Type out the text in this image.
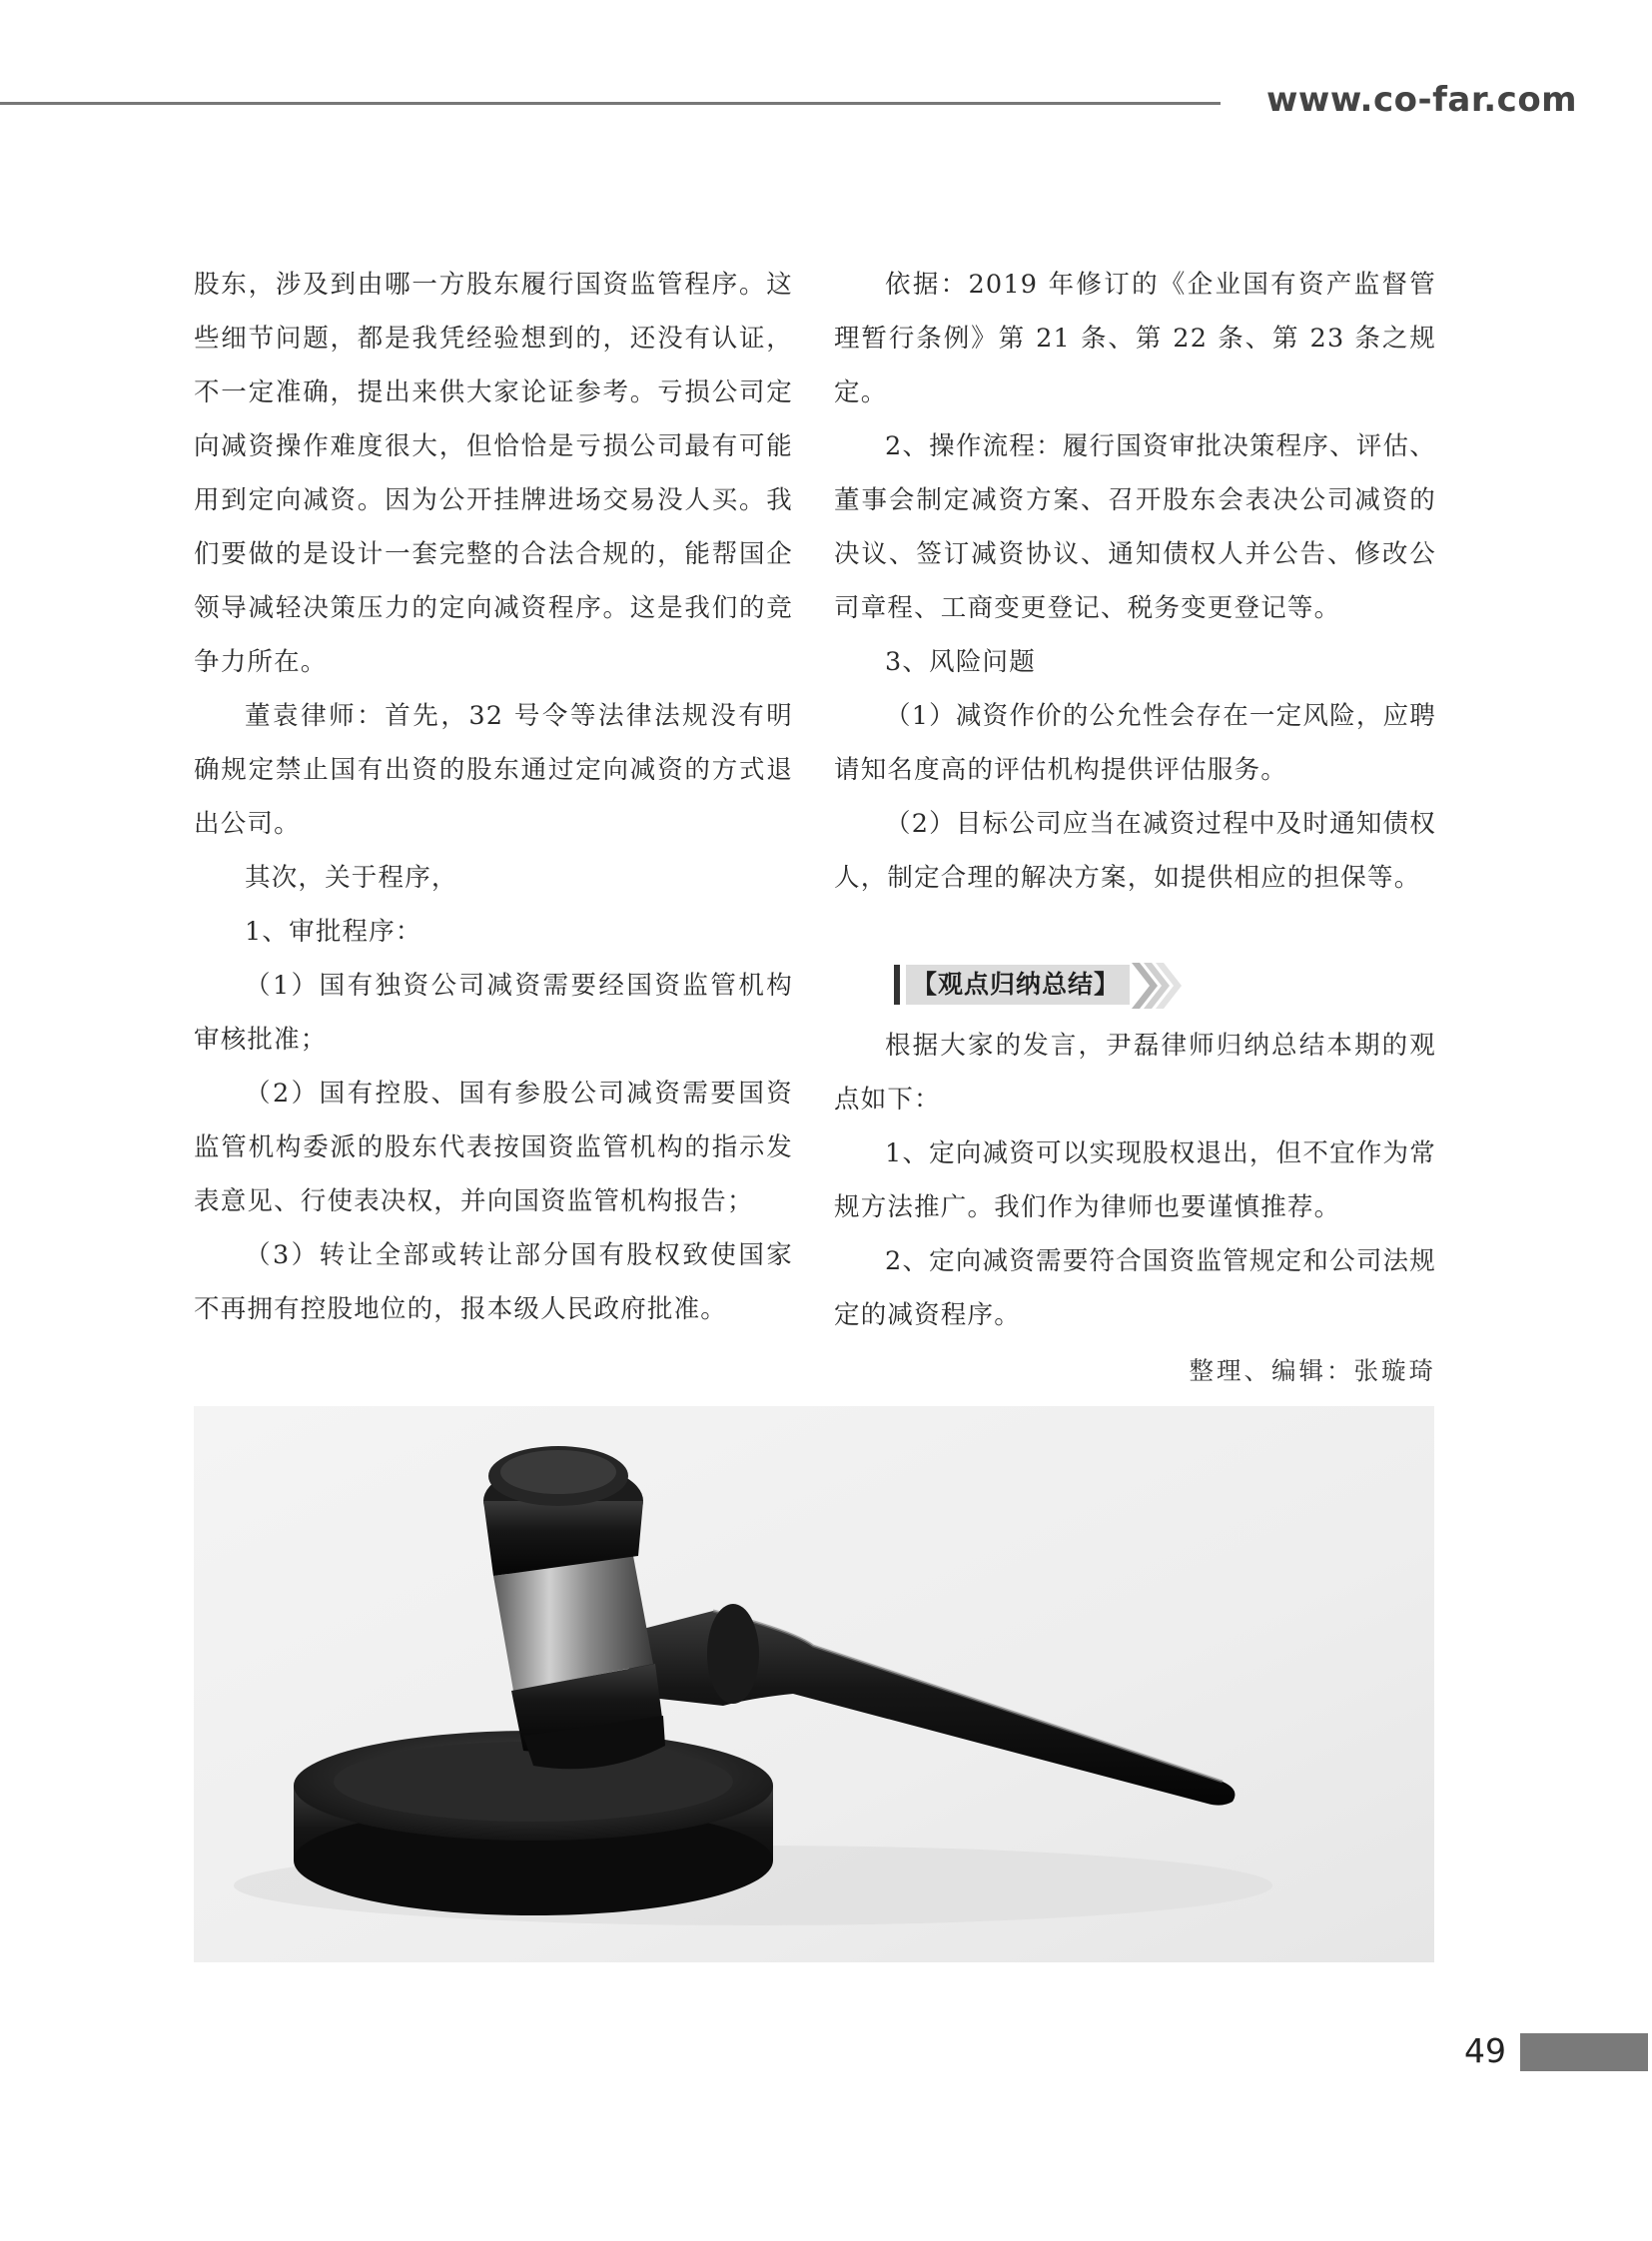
www.co-far.com

股东，涉及到由哪一方股东履行国资监管程序。这些细节问题，都是我凭经验想到的，还没有认证，不一定准确，提出来供大家论证参考。亏损公司定向减资操作难度很大，但恰恰是亏损公司最有可能用到定向减资。因为公开挂牌进场交易没人买。我们要做的是设计一套完整的合法合规的，能帮国企领导减轻决策压力的定向减资程序。这是我们的竞争力所在。

董袁律师：首先，32 号令等法律法规没有明确规定禁止国有出资的股东通过定向减资的方式退出公司。

其次，关于程序，

1、审批程序：

（1）国有独资公司减资需要经国资监管机构审核批准；

（2）国有控股、国有参股公司减资需要国资监管机构委派的股东代表按国资监管机构的指示发表意见、行使表决权，并向国资监管机构报告；

（3）转让全部或转让部分国有股权致使国家不再拥有控股地位的，报本级人民政府批准。

依据：2019 年修订的《企业国有资产监督管理暂行条例》第 21 条、第 22 条、第 23 条之规定。

2、操作流程：履行国资审批决策程序、评估、董事会制定减资方案、召开股东会表决公司减资的决议、签订减资协议、通知债权人并公告、修改公司章程、工商变更登记、税务变更登记等。

3、风险问题

（1）减资作价的公允性会存在一定风险，应聘请知名度高的评估机构提供评估服务。

（2）目标公司应当在减资过程中及时通知债权人，制定合理的解决方案，如提供相应的担保等。

【观点归纳总结】

根据大家的发言，尹磊律师归纳总结本期的观点如下：

1、定向减资可以实现股权退出，但不宜作为常规方法推广。我们作为律师也要谨慎推荐。

2、定向减资需要符合国资监管规定和公司法规定的减资程序。

整理、编辑：张璇琦
49
